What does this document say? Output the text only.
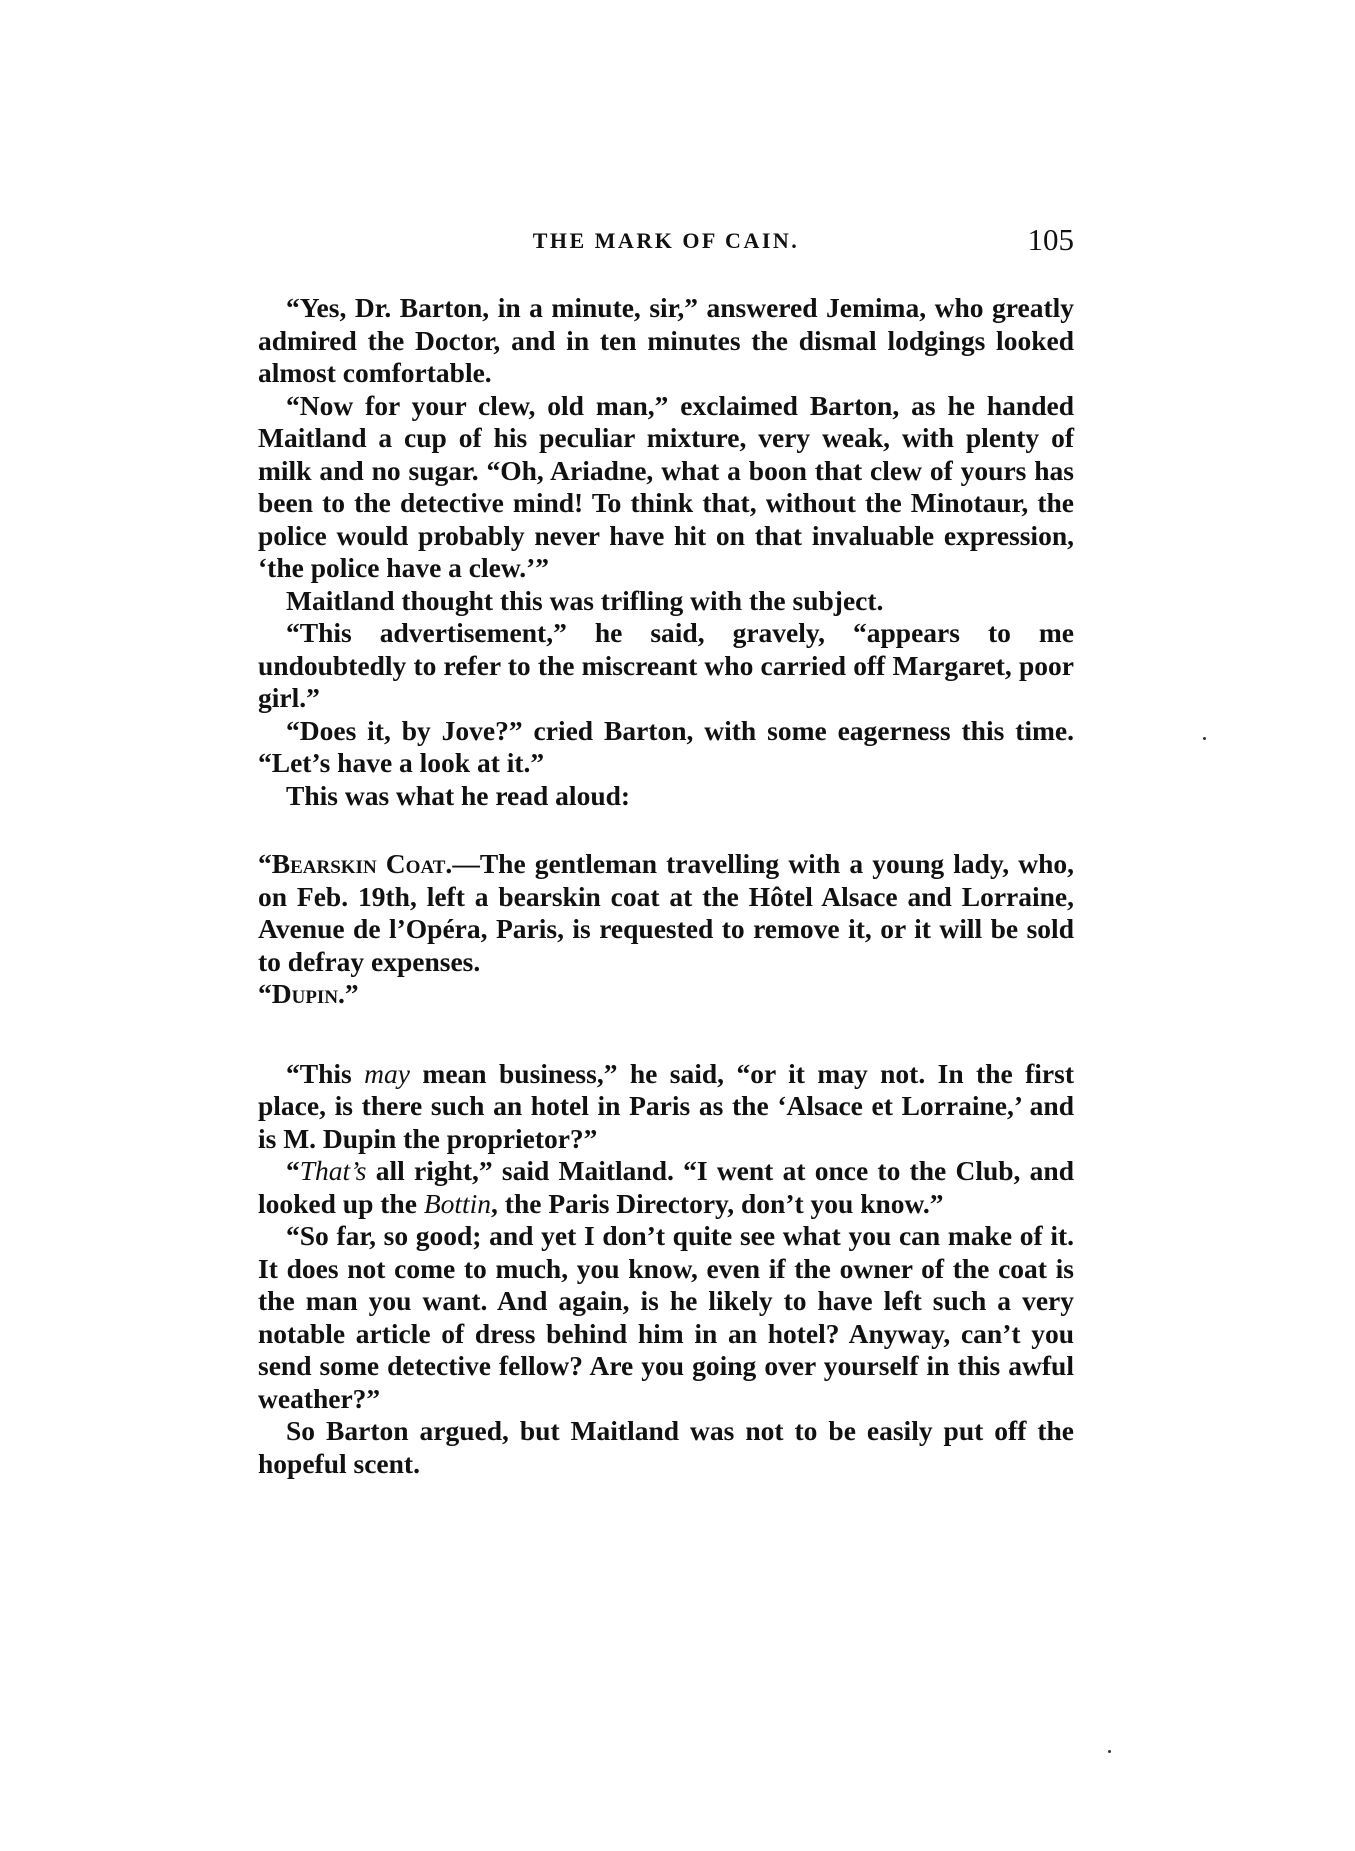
THE MARK OF CAIN.	105

“Yes, Dr. Barton, in a minute, sir,” answered Jemima, who greatly admired the Doctor, and in ten minutes the dismal lodgings looked almost comfortable.

“Now for your clew, old man,” exclaimed Barton, as he handed Maitland a cup of his peculiar mixture, very weak, with plenty of milk and no sugar. “Oh, Ariadne, what a boon that clew of yours has been to the detective mind! To think that, without the Minotaur, the police would probably never have hit on that invaluable expression, ‘the police have a clew.’”

Maitland thought this was trifling with the subject.

“This advertisement,” he said, gravely, “appears to me undoubtedly to refer to the miscreant who carried off Margaret, poor girl.”

“Does it, by Jove?” cried Barton, with some eagerness this time. “Let’s have a look at it.”

This was what he read aloud:

“Bearskin Coat.—The gentleman travelling with a young lady, who, on Feb. 19th, left a bearskin coat at the Hôtel Alsace and Lorraine, Avenue de l’Opéra, Paris, is requested to remove it, or it will be sold to defray expenses.

“Dupin.”

“This may mean business,” he said, “or it may not. In the first place, is there such an hotel in Paris as the ‘Alsace et Lorraine,’ and is M. Dupin the proprietor?”

“That’s all right,” said Maitland. “I went at once to the Club, and looked up the Bottin, the Paris Directory, don’t you know.”

“So far, so good; and yet I don’t quite see what you can make of it. It does not come to much, you know, even if the owner of the coat is the man you want. And again, is he likely to have left such a very notable article of dress behind him in an hotel? Anyway, can’t you send some detective fellow? Are you going over yourself in this awful weather?”

So Barton argued, but Maitland was not to be easily put off the hopeful scent.
